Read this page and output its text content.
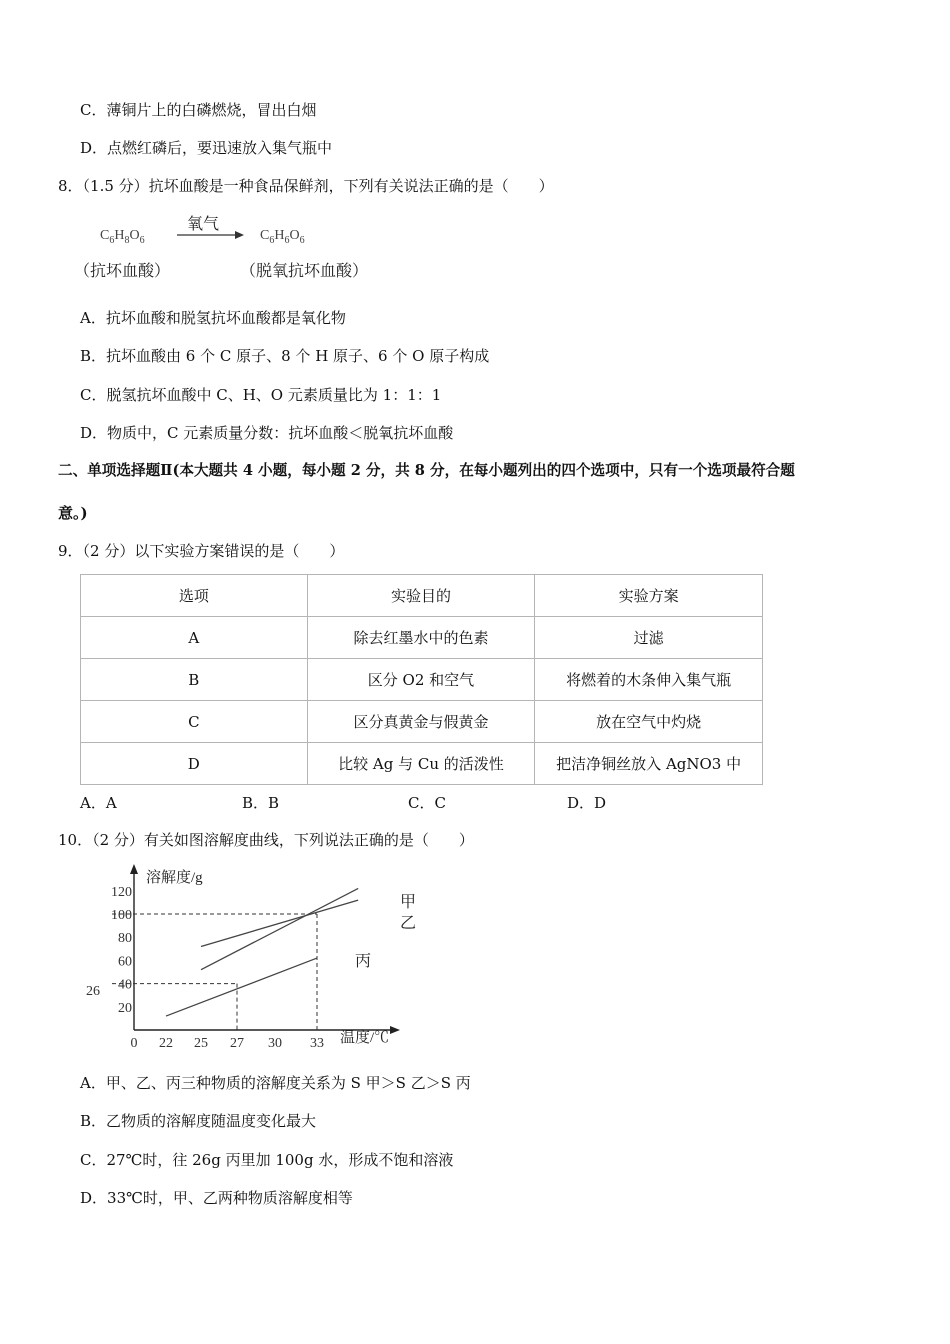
C．薄铜片上的白磷燃烧，冒出白烟
D．点燃红磷后，要迅速放入集气瓶中
8．（1.5 分）抗坏血酸是一种食品保鲜剂，下列有关说法正确的是（　　）
$C_6H_8O_6$
氧气
$C_6H_6O_6$
（抗坏血酸）	（脱氧抗坏血酸）
A．抗坏血酸和脱氢抗坏血酸都是氧化物
B．抗坏血酸由 6 个 C 原子、8 个 H 原子、6 个 O 原子构成
C．脱氢抗坏血酸中 C、H、O 元素质量比为 1：1：1
D．物质中，C 元素质量分数：抗坏血酸＜脱氧抗坏血酸
二、单项选择题Ⅱ(本大题共 4 小题，每小题 2 分，共 8 分，在每小题列出的四个选项中，只有一个选项最符合题
意。)
9．（2 分）以下实验方案错误的是（　　）
选项	实验目的	实验方案
A	除去红墨水中的色素	过滤
B	区分 O2 和空气	将燃着的木条伸入集气瓶
C	区分真黄金与假黄金	放在空气中灼烧
D	比较 Ag 与 Cu 的活泼性	把洁净铜丝放入 AgNO3 中
A．A	B．B	C．C	D．D
10．（2 分）有关如图溶解度曲线，下列说法正确的是（　　）
溶解度/g
温度/℃
甲
乙
丙
20
40
60
80
100
120
26
0 22 25 27 30 33
A．甲、乙、丙三种物质的溶解度关系为 S 甲＞S 乙＞S 丙
B．乙物质的溶解度随温度变化最大
C．27℃时，往 26g 丙里加 100g 水，形成不饱和溶液
D．33℃时，甲、乙两种物质溶解度相等
